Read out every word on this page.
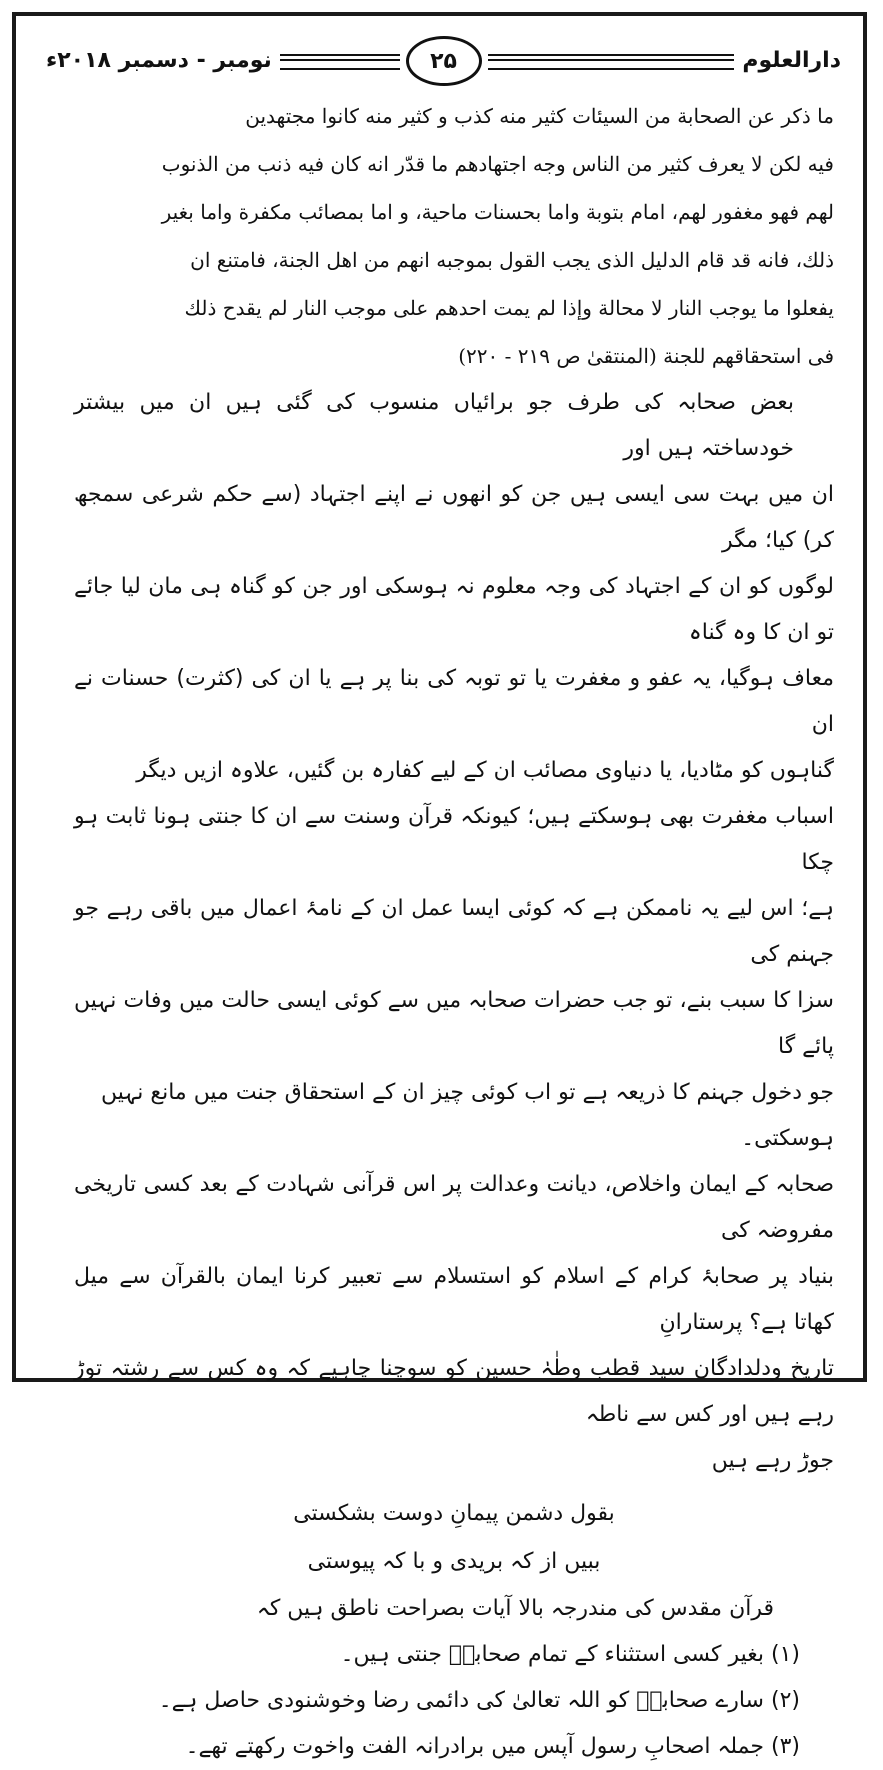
دارالعلوم
۲۵
نومبر - دسمبر ۲۰۱۸ء

ما ذكر عن الصحابة من السيئات كثير منه كذب و كثير منه كانوا مجتهدين

فيه لكن لا يعرف كثير من الناس وجه اجتهادهم ما قدّر انه كان فيه ذنب من الذنوب

لهم فهو مغفور لهم، امام بتوبة واما بحسنات ماحية، و اما بمصائب مكفرة واما بغير

ذلك، فانه قد قام الدليل الذى يجب القول بموجبه انهم من اهل الجنة، فامتنع ان

يفعلوا ما يوجب النار لا محالة وإذا لم يمت احدهم على موجب النار لم يقدح ذلك

فى استحقاقهم للجنة (المنتقىٰ ص ۲۱۹ - ۲۲۰)

بعض صحابہ کی طرف جو برائیاں منسوب کی گئی ہیں ان میں بیشتر خودساختہ ہیں اور

ان میں بہت سی ایسی ہیں جن کو انھوں نے اپنے اجتہاد (سے حکم شرعی سمجھ کر) کیا؛ مگر

لوگوں کو ان کے اجتہاد کی وجہ معلوم نہ ہوسکی اور جن کو گناہ ہی مان لیا جائے تو ان کا وہ گناہ

معاف ہوگیا، یہ عفو و مغفرت یا تو توبہ کی بنا پر ہے یا ان کی (کثرت) حسنات نے ان

گناہوں کو مٹادیا، یا دنیاوی مصائب ان کے لیے کفارہ بن گئیں، علاوہ ازیں دیگر

اسباب مغفرت بھی ہوسکتے ہیں؛ کیونکہ قرآن وسنت سے ان کا جنتی ہونا ثابت ہو چکا

ہے؛ اس لیے یہ ناممکن ہے کہ کوئی ایسا عمل ان کے نامۂ اعمال میں باقی رہے جو جہنم کی

سزا کا سبب بنے، تو جب حضرات صحابہ میں سے کوئی ایسی حالت میں وفات نہیں پائے گا

جو دخول جہنم کا ذریعہ ہے تو اب کوئی چیز ان کے استحقاق جنت میں مانع نہیں ہوسکتی۔

صحابہ کے ایمان واخلاص، دیانت وعدالت پر اس قرآنی شہادت کے بعد کسی تاریخی مفروضہ کی

بنیاد پر صحابۂ کرام کے اسلام کو استسلام سے تعبیر کرنا ایمان بالقرآن سے میل کھاتا ہے؟ پرستارانِ

تاریخ ودلدادگان سید قطب وطٰہٰ حسین کو سوچنا چاہیے کہ وہ کس سے رشتہ توڑ رہے ہیں اور کس سے ناطہ

جوڑ رہے ہیں

بقول دشمن پیمانِ دوست بشکستی
ببیں از کہ بریدی و با کہ پیوستی

قرآن مقدس کی مندرجہ بالا آیات بصراحت ناطق ہیں کہ

(۱) بغیر کسی استثناء کے تمام صحابہؓ جنتی ہیں۔

(۲) سارے صحابہؓ کو اللہ تعالیٰ کی دائمی رضا وخوشنودی حاصل ہے۔

(۳) جملہ اصحابِ رسول آپس میں برادرانہ الفت واخوت رکھتے تھے۔
